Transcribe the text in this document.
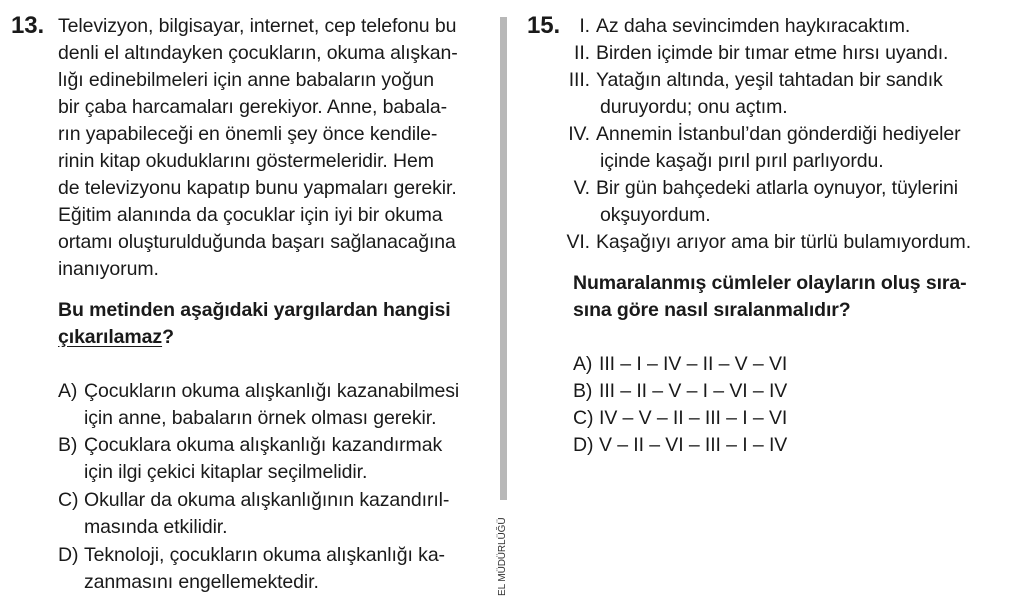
13. Televizyon, bilgisayar, internet, cep telefonu bu
denli el altındayken çocukların, okuma alışkan-
lığı edinebilmeleri için anne babaların yoğun
bir çaba harcamaları gerekiyor. Anne, babala-
rın yapabileceği en önemli şey önce kendile-
rinin kitap okuduklarını göstermeleridir. Hem
de televizyonu kapatıp bunu yapmaları gerekir.
Eğitim alanında da çocuklar için iyi bir okuma
ortamı oluşturulduğunda başarı sağlanacağına
inanıyorum.
Bu metinden aşağıdaki yargılardan hangisi
çıkarılamaz?
A) Çocukların okuma alışkanlığı kazanabilmesi
için anne, babaların örnek olması gerekir.
B) Çocuklara okuma alışkanlığı kazandırmak
için ilgi çekici kitaplar seçilmelidir.
C) Okullar da okuma alışkanlığının kazandırıl-
masında etkilidir.
D) Teknoloji, çocukların okuma alışkanlığı ka-
zanmasını engellemektedir.	EL MÜDÜRLÜĞÜ
15. I. Az daha sevincimden haykıracaktım.
II. Birden içimde bir tımar etme hırsı uyandı.
III. Yatağın altında, yeşil tahtadan bir sandık
duruyordu; onu açtım.
IV. Annemin İstanbul’dan gönderdiği hediyeler
içinde kaşağı pırıl pırıl parlıyordu.
V. Bir gün bahçedeki atlarla oynuyor, tüylerini
okşuyordum.
VI. Kaşağıyı arıyor ama bir türlü bulamıyordum.
Numaralanmış cümleler olayların oluş sıra-
sına göre nasıl sıralanmalıdır?
A) III – I – IV – II – V – VI
B) III – II – V – I – VI – IV
C) IV – V – II – III – I – VI
D) V – II – VI – III – I – IV
